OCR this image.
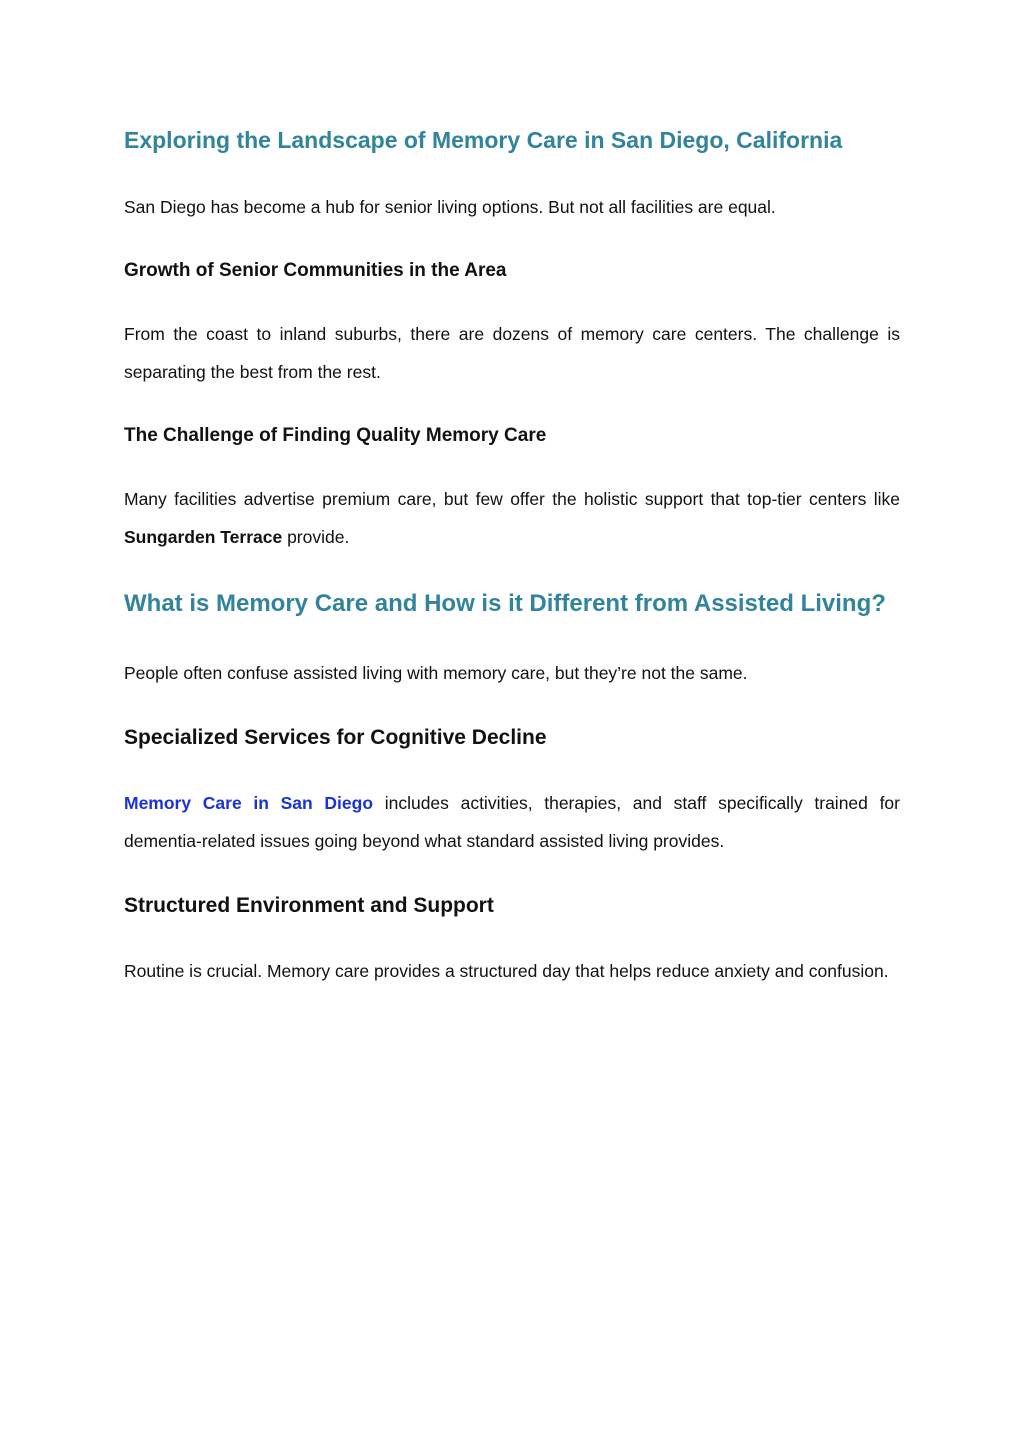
Exploring the Landscape of Memory Care in San Diego, California

San Diego has become a hub for senior living options. But not all facilities are equal.

Growth of Senior Communities in the Area

From the coast to inland suburbs, there are dozens of memory care centers. The challenge is separating the best from the rest.

The Challenge of Finding Quality Memory Care

Many facilities advertise premium care, but few offer the holistic support that top-tier centers like Sungarden Terrace provide.

What is Memory Care and How is it Different from Assisted Living?

People often confuse assisted living with memory care, but they’re not the same.

Specialized Services for Cognitive Decline

Memory Care in San Diego includes activities, therapies, and staff specifically trained for dementia-related issues going beyond what standard assisted living provides.

Structured Environment and Support

Routine is crucial. Memory care provides a structured day that helps reduce anxiety and confusion.
